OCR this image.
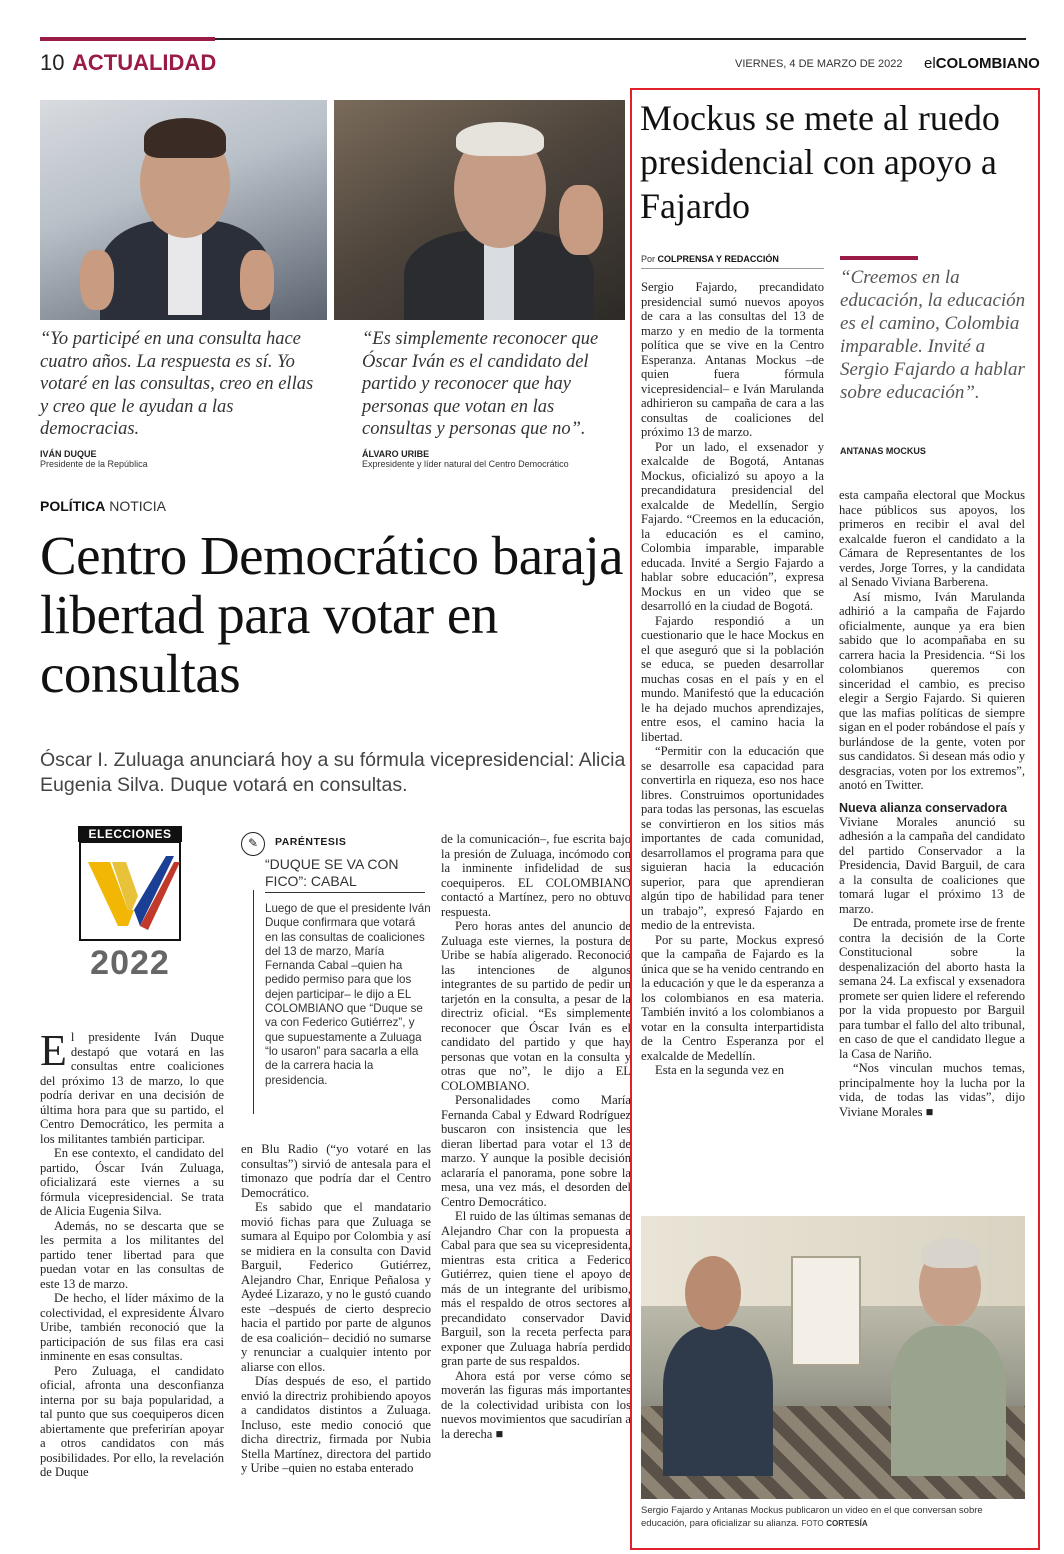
10 ACTUALIDAD	VIERNES, 4 DE MARZO DE 2022 elCOLOMBIANO
“Yo participé en una consulta hace cuatro años. La respuesta es sí. Yo votaré en las consultas, creo en ellas y creo que le ayudan a las democracias.
IVÁN DUQUE
Presidente de la República
“Es simplemente reconocer que Óscar Iván es el candidato del partido y reconocer que hay personas que votan en las consultas y personas que no”.
ÁLVARO URIBE
Expresidente y líder natural del Centro Democrático
POLÍTICA NOTICIA
Centro Democrático baraja libertad para votar en consultas
Óscar I. Zuluaga anunciará hoy a su fórmula vicepresidencial: Alicia Eugenia Silva. Duque votará en consultas.
ELECCIONES
2022

El presidente Iván Duque destapó que votará en las consultas entre coaliciones del próximo 13 de marzo, lo que podría derivar en una decisión de última hora para que su partido, el Centro Democrático, les permita a los militantes también participar.

En ese contexto, el candidato del partido, Óscar Iván Zuluaga, oficializará este viernes a su fórmula vicepresidencial. Se trata de Alicia Eugenia Silva.

Además, no se descarta que se les permita a los militantes del partido tener libertad para que puedan votar en las consultas de este 13 de marzo.

De hecho, el líder máximo de la colectividad, el expresidente Álvaro Uribe, también reconoció que la participación de sus filas era casi inminente en esas consultas.

Pero Zuluaga, el candidato oficial, afronta una desconfianza interna por su baja popularidad, a tal punto que sus coequiperos dicen abiertamente que preferirían apoyar a otros candidatos con más posibilidades. Por ello, la revelación de Duque

✎	PARÉNTESIS
“DUQUE SE VA CON FICO”: CABAL
Luego de que el presidente Iván Duque confirmara que votará en las consultas de coaliciones del 13 de marzo, María Fernanda Cabal –quien ha pedido permiso para que los dejen participar– le dijo a EL COLOMBIANO que “Duque se va con Federico Gutiérrez”, y que supuestamente a Zuluaga “lo usaron” para sacarla a ella de la carrera hacia la presidencia.

en Blu Radio (“yo votaré en las consultas”) sirvió de antesala para el timonazo que podría dar el Centro Democrático.

Es sabido que el mandatario movió fichas para que Zuluaga se sumara al Equipo por Colombia y así se midiera en la consulta con David Barguil, Federico Gutiérrez, Alejandro Char, Enrique Peñalosa y Aydeé Lizarazo, y no le gustó cuando este –después de cierto desprecio hacia el partido por parte de algunos de esa coalición– decidió no sumarse y renunciar a cualquier intento por aliarse con ellos.

Días después de eso, el partido envió la directriz prohibiendo apoyos a candidatos distintos a Zuluaga. Incluso, este medio conoció que dicha directriz, firmada por Nubia Stella Martínez, directora del partido y Uribe –quien no estaba enterado

de la comunicación–, fue escrita bajo la presión de Zuluaga, incómodo con la inminente infidelidad de sus coequiperos. EL COLOMBIANO contactó a Martínez, pero no obtuvo respuesta.

Pero horas antes del anuncio de Zuluaga este viernes, la postura de Uribe se había aligerado. Reconoció las intenciones de algunos integrantes de su partido de pedir un tarjetón en la consulta, a pesar de la directriz oficial. “Es simplemente reconocer que Óscar Iván es el candidato del partido y que hay personas que votan en la consulta y otras que no”, le dijo a EL COLOMBIANO.

Personalidades como María Fernanda Cabal y Edward Rodríguez buscaron con insistencia que les dieran libertad para votar el 13 de marzo. Y aunque la posible decisión aclararía el panorama, pone sobre la mesa, una vez más, el desorden del Centro Democrático.

El ruido de las últimas semanas de Alejandro Char con la propuesta a Cabal para que sea su vicepresidenta, mientras esta critica a Federico Gutiérrez, quien tiene el apoyo de más de un integrante del uribismo, más el respaldo de otros sectores al precandidato conservador David Barguil, son la receta perfecta para exponer que Zuluaga habría perdido gran parte de sus respaldos.

Ahora está por verse cómo se moverán las figuras más importantes de la colectividad uribista con los nuevos movimientos que sacudirían a la derecha ■

Mockus se mete al ruedo presidencial con apoyo a Fajardo
Por COLPRENSA Y REDACCIÓN
“Creemos en la educación, la educación es el camino, Colombia imparable. Invité a Sergio Fajardo a hablar sobre educación”.
ANTANAS MOCKUS

Sergio Fajardo, precandidato presidencial sumó nuevos apoyos de cara a las consultas del 13 de marzo y en medio de la tormenta política que se vive en la Centro Esperanza. Antanas Mockus –de quien fuera fórmula vicepresidencial– e Iván Marulanda adhirieron su campaña de cara a las consultas de coaliciones del próximo 13 de marzo.

Por un lado, el exsenador y exalcalde de Bogotá, Antanas Mockus, oficializó su apoyo a la precandidatura presidencial del exalcalde de Medellín, Sergio Fajardo. “Creemos en la educación, la educación es el camino, Colombia imparable, imparable educada. Invité a Sergio Fajardo a hablar sobre educación”, expresa Mockus en un video que se desarrolló en la ciudad de Bogotá.

Fajardo respondió a un cuestionario que le hace Mockus en el que aseguró que si la población se educa, se pueden desarrollar muchas cosas en el país y en el mundo. Manifestó que la educación le ha dejado muchos aprendizajes, entre esos, el camino hacia la libertad.

“Permitir con la educación que se desarrolle esa capacidad para convertirla en riqueza, eso nos hace libres. Construimos oportunidades para todas las personas, las escuelas se convirtieron en los sitios más importantes de cada comunidad, desarrollamos el programa para que siguieran hacia la educación superior, para que aprendieran algún tipo de habilidad para tener un trabajo”, expresó Fajardo en medio de la entrevista.

Por su parte, Mockus expresó que la campaña de Fajardo es la única que se ha venido centrando en la educación y que le da esperanza a los colombianos en esa materia. También invitó a los colombianos a votar en la consulta interpartidista de la Centro Esperanza por el exalcalde de Medellín.

Esta en la segunda vez en

esta campaña electoral que Mockus hace públicos sus apoyos, los primeros en recibir el aval del exalcalde fueron el candidato a la Cámara de Representantes de los verdes, Jorge Torres, y la candidata al Senado Viviana Barberena.

Así mismo, Iván Marulanda adhirió a la campaña de Fajardo oficialmente, aunque ya era bien sabido que lo acompañaba en su carrera hacia la Presidencia. “Si los colombianos queremos con sinceridad el cambio, es preciso elegir a Sergio Fajardo. Si quieren que las mafias políticas de siempre sigan en el poder robándose el país y burlándose de la gente, voten por sus candidatos. Si desean más odio y desgracias, voten por los extremos”, anotó en Twitter.

Nueva alianza conservadora

Viviane Morales anunció su adhesión a la campaña del candidato del partido Conservador a la Presidencia, David Barguil, de cara a la consulta de coaliciones que tomará lugar el próximo 13 de marzo.

De entrada, promete irse de frente contra la decisión de la Corte Constitucional sobre la despenalización del aborto hasta la semana 24. La exfiscal y exsenadora promete ser quien lidere el referendo por la vida propuesto por Barguil para tumbar el fallo del alto tribunal, en caso de que el candidato llegue a la Casa de Nariño.

“Nos vinculan muchos temas, principalmente hoy la lucha por la vida, de todas las vidas”, dijo Viviane Morales ■

Sergio Fajardo y Antanas Mockus publicaron un video en el que conversan sobre educación, para oficializar su alianza. FOTO CORTESÍA
